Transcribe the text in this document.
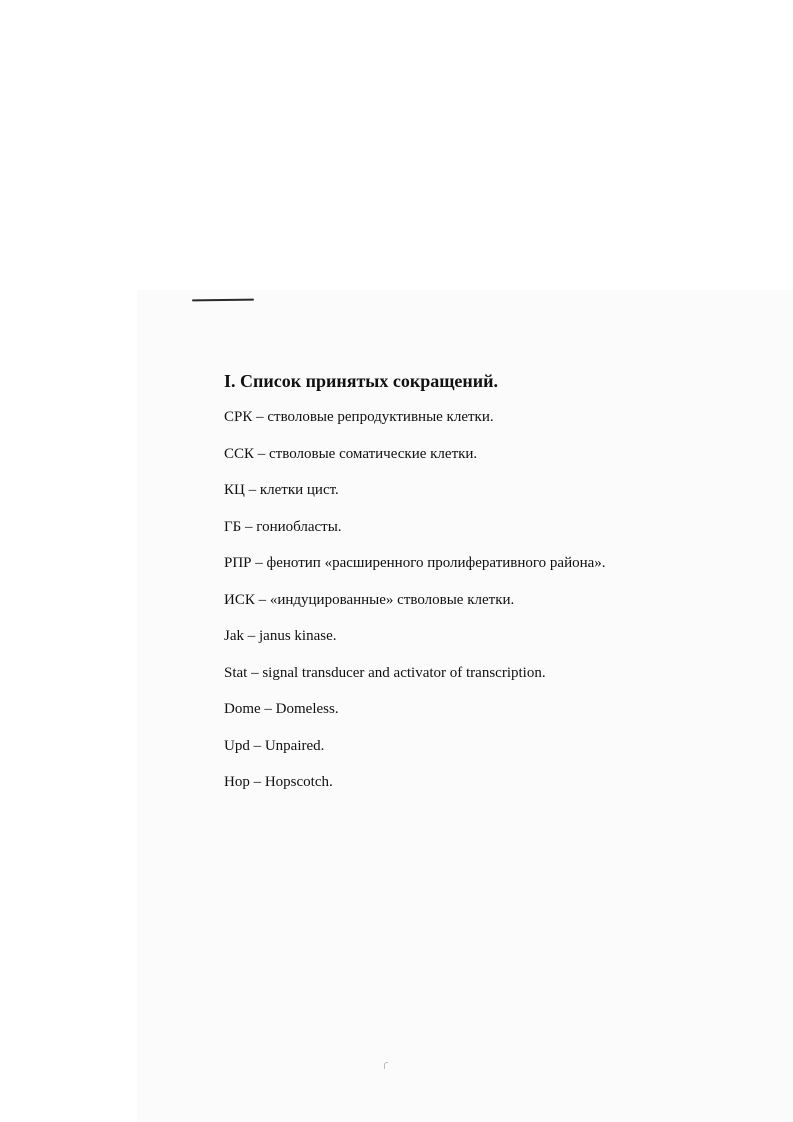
I. Список принятых сокращений.
СРК – стволовые репродуктивные клетки.
ССК – стволовые соматические клетки.
КЦ – клетки цист.
ГБ – гониобласты.
РПР – фенотип «расширенного пролиферативного района».
ИСК – «индуцированные» стволовые клетки.
Jak – janus kinase.
Stat – signal transducer and activator of transcription.
Dome – Domeless.
Upd – Unpaired.
Hop – Hopscotch.
